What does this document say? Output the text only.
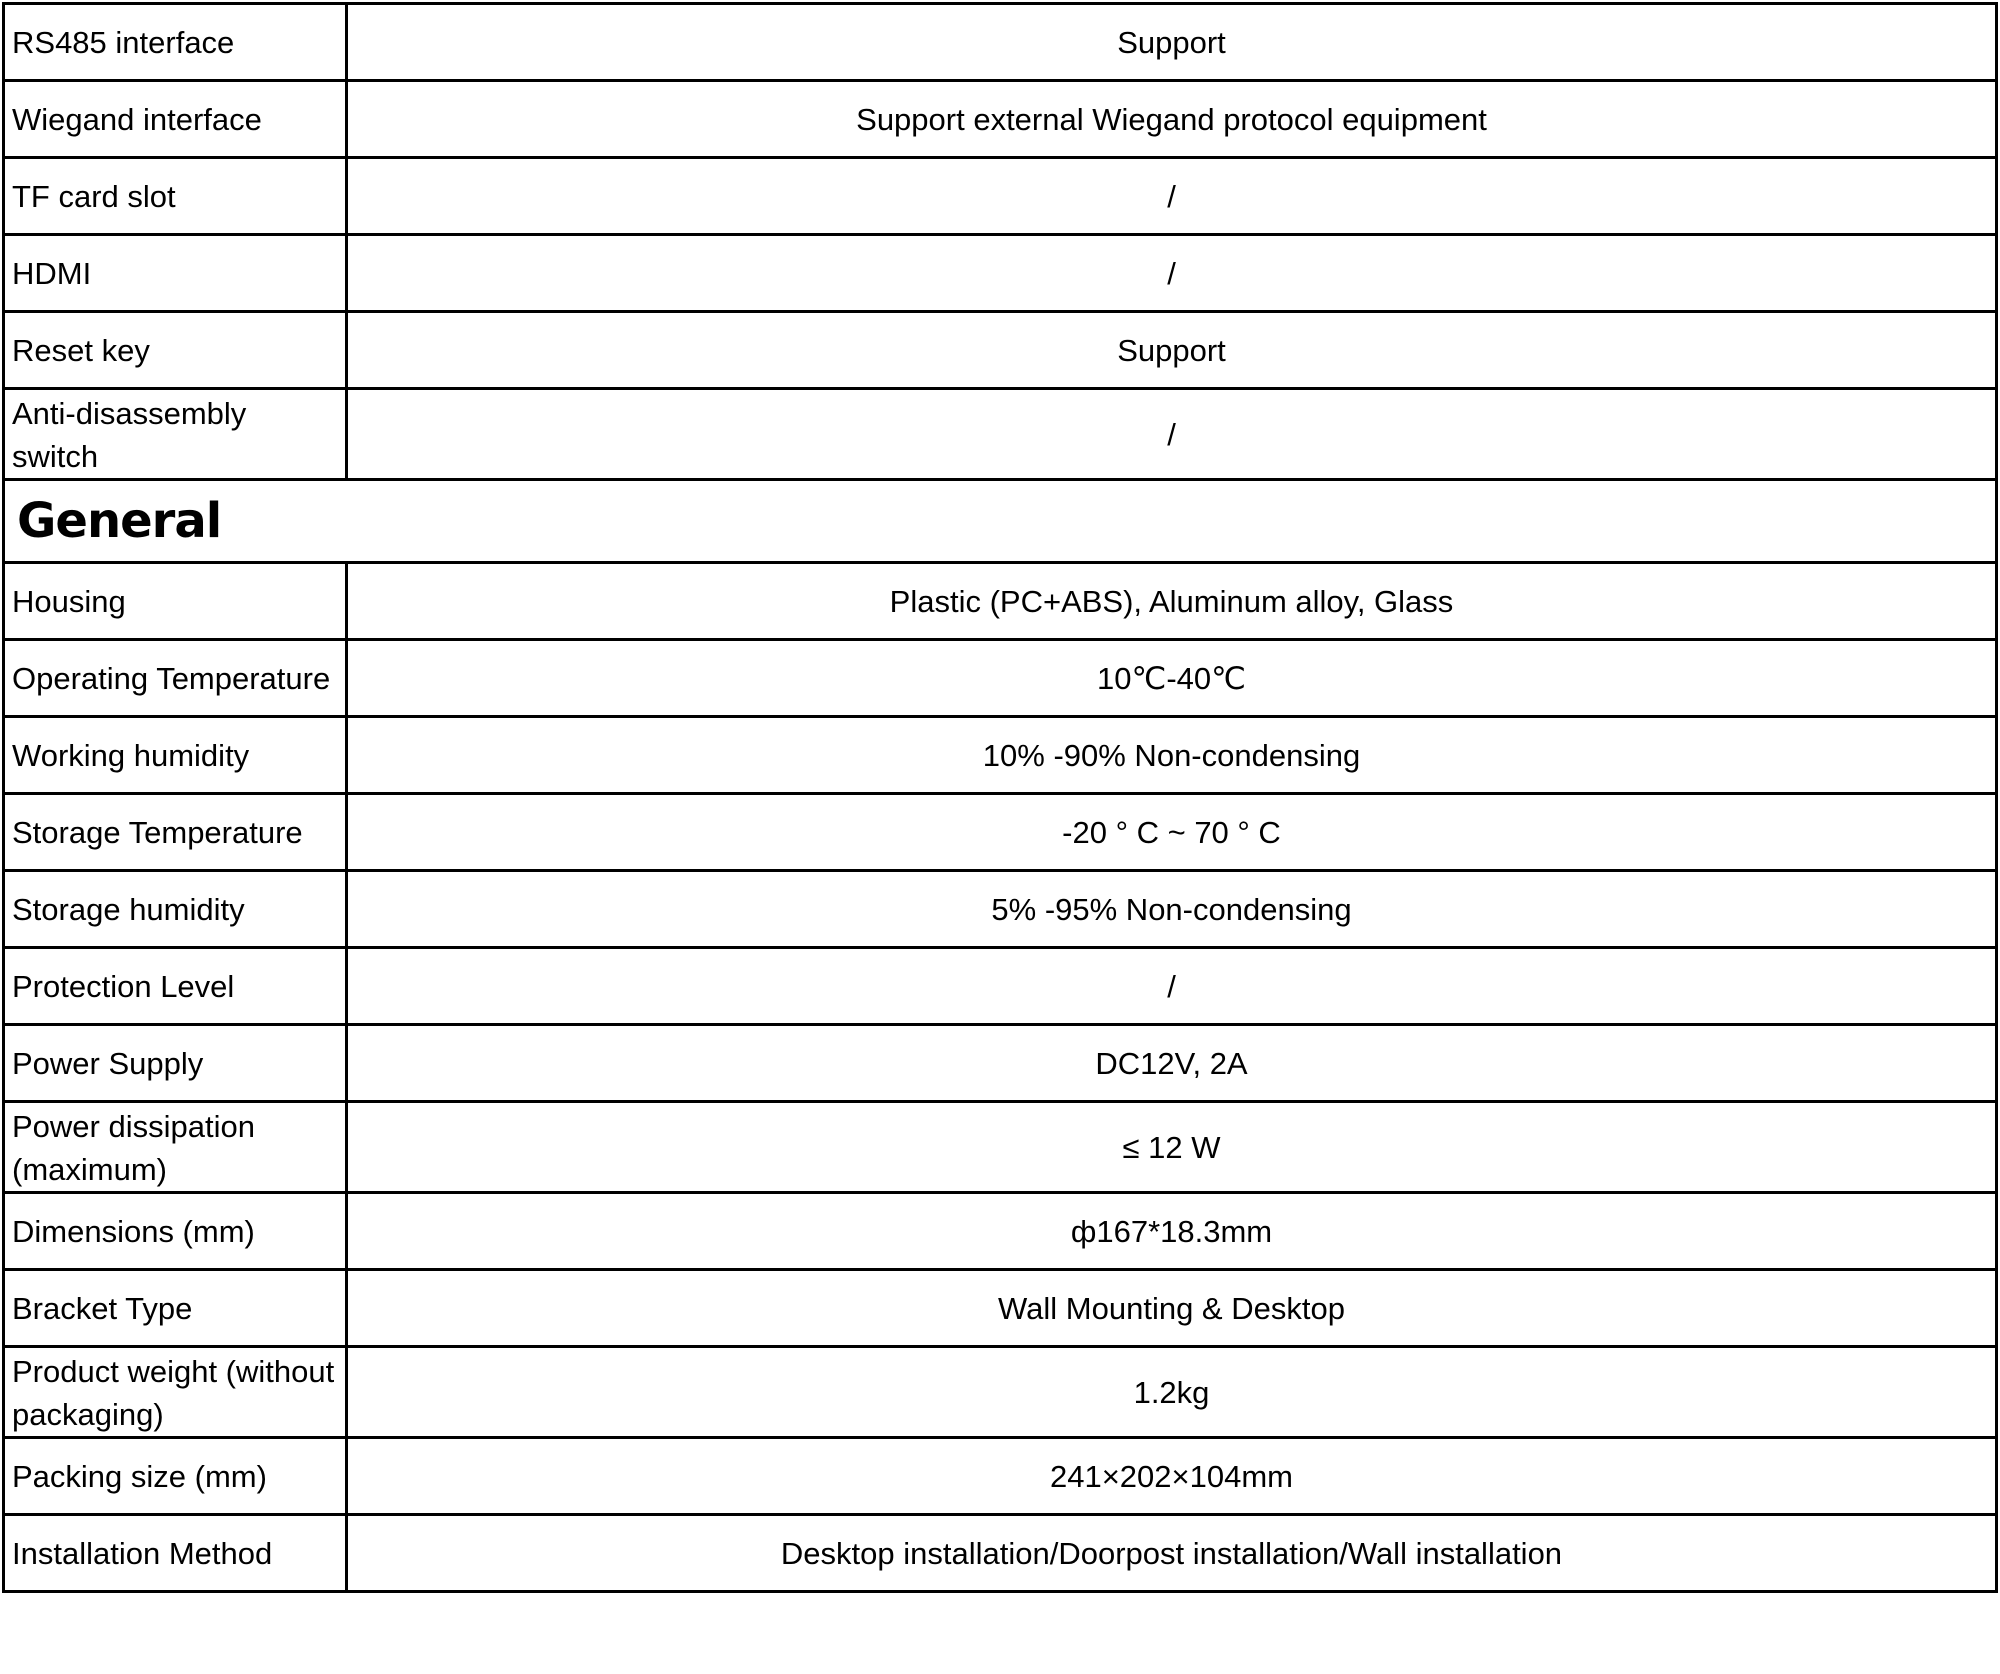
RS485 interface	Support
Wiegand interface	Support external Wiegand protocol equipment
TF card slot	/
HDMI	/
Reset key	Support
Anti-disassembly switch	/
General	
Housing	Plastic (PC+ABS), Aluminum alloy, Glass
Operating Temperature	10℃-40℃
Working humidity	10% -90% Non-condensing
Storage Temperature	-20 ° C ~ 70 ° C
Storage humidity	5% -95% Non-condensing
Protection Level	/
Power Supply	DC12V, 2A
Power dissipation (maximum)	≤ 12 W
Dimensions (mm)	ф167*18.3mm
Bracket Type	Wall Mounting & Desktop
Product weight (without packaging)	1.2kg
Packing size (mm)	241×202×104mm
Installation Method	Desktop installation/Doorpost installation/Wall installation
